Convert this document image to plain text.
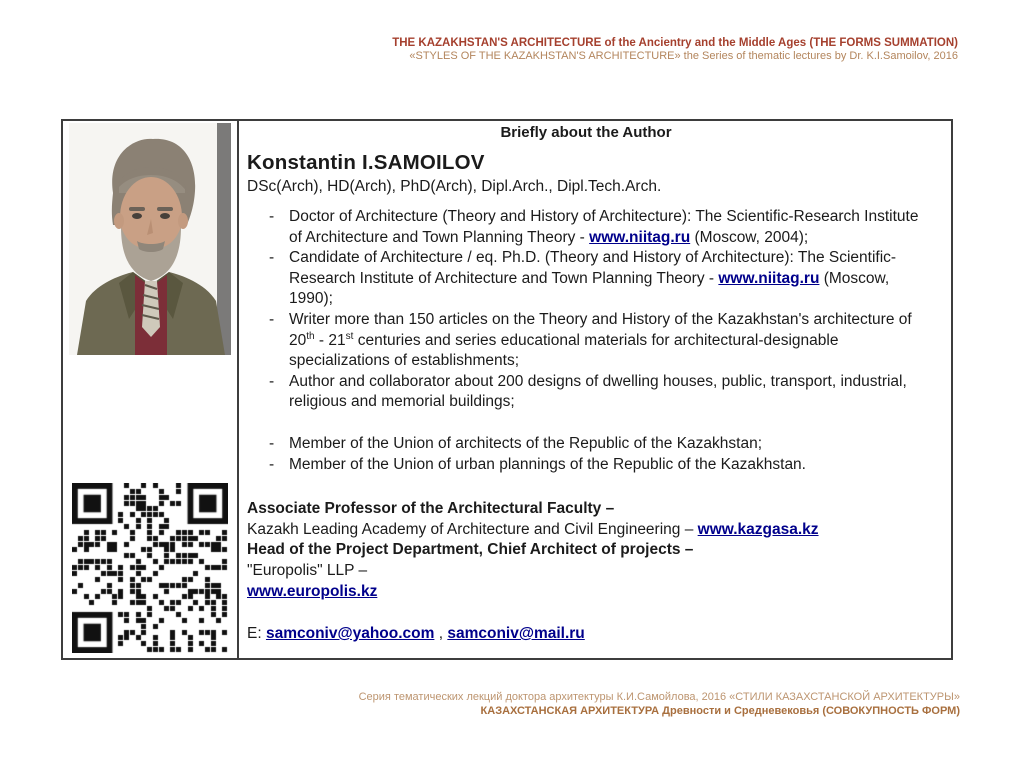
THE KAZAKHSTAN'S ARCHITECTURE of the Ancientry and the Middle Ages (THE FORMS SUMMATION)
«STYLES OF THE KAZAKHSTAN'S ARCHITECTURE» the Series of thematic lectures by Dr. K.I.Samoilov, 2016
Briefly about the Author
Konstantin I.SAMOILOV
DSc(Arch), HD(Arch), PhD(Arch), Dipl.Arch., Dipl.Tech.Arch.
- Doctor of Architecture (Theory and History of Architecture): The Scientific-Research Institute of Architecture and Town Planning Theory - www.niitag.ru (Moscow, 2004);
- Candidate of Architecture / eq. Ph.D. (Theory and History of Architecture): The Scientific-Research Institute of Architecture and Town Planning Theory - www.niitag.ru (Moscow, 1990);
- Writer more than 150 articles on the Theory and History of the Kazakhstan's architecture of 20th - 21st centuries and series educational materials for architectural-designable specializations of establishments;
- Author and collaborator about 200 designs of dwelling houses, public, transport, industrial, religious and memorial buildings;
- Member of the Union of architects of the Republic of the Kazakhstan;
- Member of the Union of urban plannings of the Republic of the Kazakhstan.
Associate Professor of the Architectural Faculty –
Kazakh Leading Academy of Architecture and Civil Engineering – www.kazgasa.kz
Head of the Project Department, Chief Architect of projects –
"Europolis" LLP –
www.europolis.kz
E: samconiv@yahoo.com , samconiv@mail.ru
Серия тематических лекций доктора архитектуры К.И.Самойлова, 2016 «СТИЛИ КАЗАХСТАНСКОЙ АРХИТЕКТУРЫ»
КАЗАХСТАНСКАЯ АРХИТЕКТУРА Древности и Средневековья (СОВОКУПНОСТЬ ФОРМ)
